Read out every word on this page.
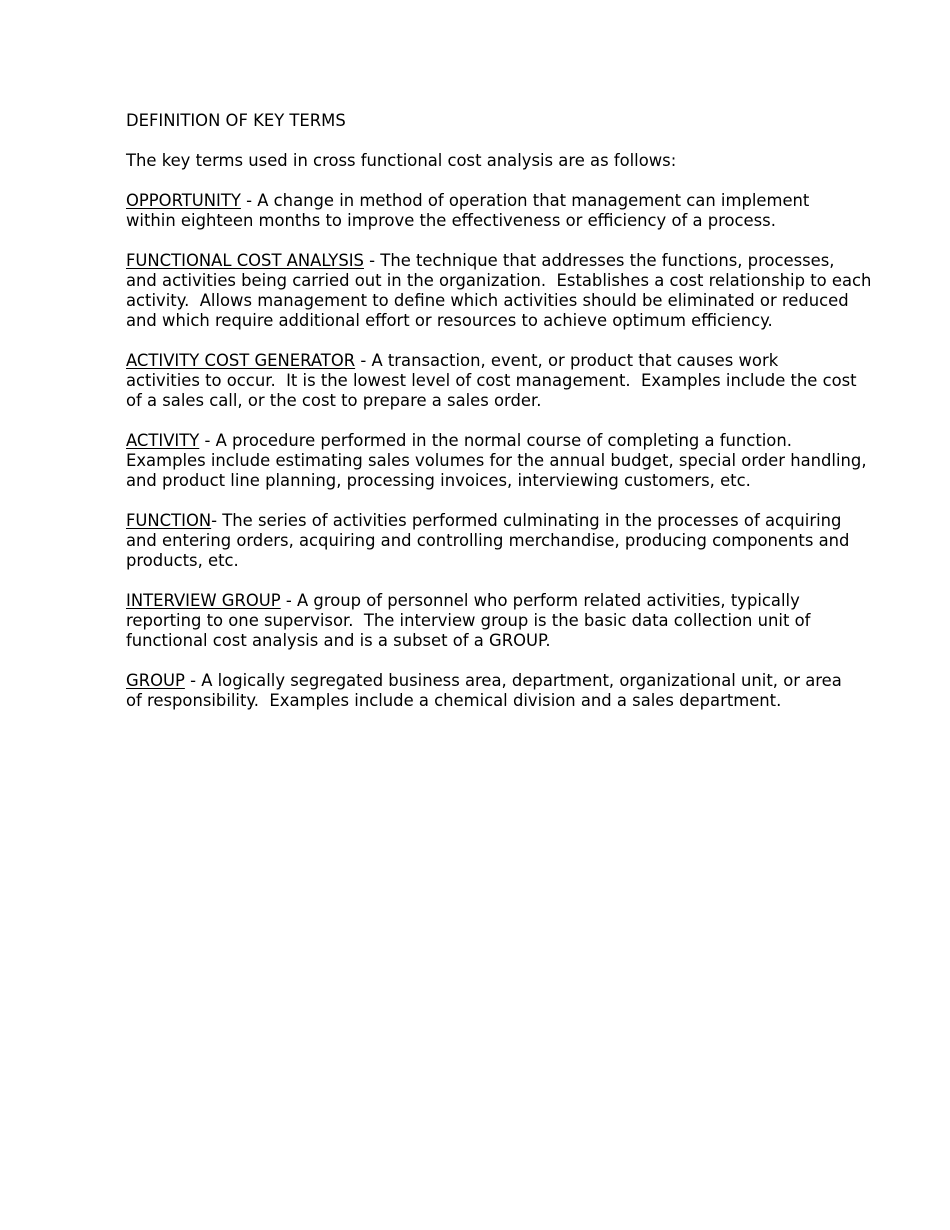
DEFINITION OF KEY TERMS
The key terms used in cross functional cost analysis are as follows:
OPPORTUNITY - A change in method of operation that management can implement
within eighteen months to improve the effectiveness or efficiency of a process.
FUNCTIONAL COST ANALYSIS - The technique that addresses the functions, processes,
and activities being carried out in the organization.  Establishes a cost relationship to each
activity.  Allows management to define which activities should be eliminated or reduced
and which require additional effort or resources to achieve optimum efficiency.
ACTIVITY COST GENERATOR - A transaction, event, or product that causes work
activities to occur.  It is the lowest level of cost management.  Examples include the cost
of a sales call, or the cost to prepare a sales order.
ACTIVITY - A procedure performed in the normal course of completing a function.
Examples include estimating sales volumes for the annual budget, special order handling,
and product line planning, processing invoices, interviewing customers, etc.
FUNCTION- The series of activities performed culminating in the processes of acquiring
and entering orders, acquiring and controlling merchandise, producing components and
products, etc.
INTERVIEW GROUP - A group of personnel who perform related activities, typically
reporting to one supervisor.  The interview group is the basic data collection unit of
functional cost analysis and is a subset of a GROUP.
GROUP - A logically segregated business area, department, organizational unit, or area
of responsibility.  Examples include a chemical division and a sales department.
